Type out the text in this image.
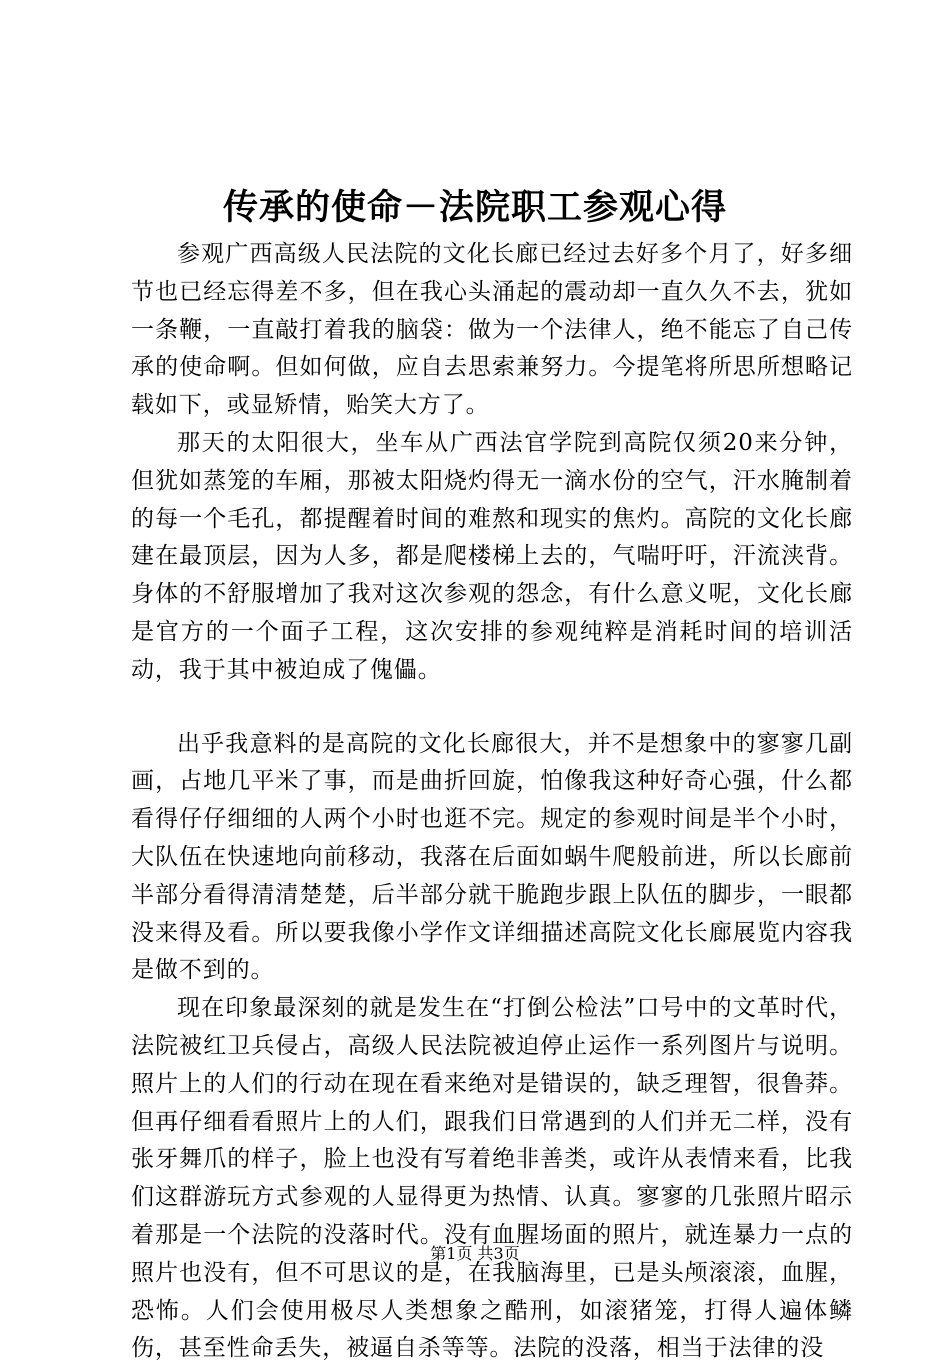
传承的使命－法院职工参观心得

参观广西高级人民法院的文化长廊已经过去好多个月了，好多细节也已经忘得差不多，但在我心头涌起的震动却一直久久不去，犹如一条鞭，一直敲打着我的脑袋：做为一个法律人，绝不能忘了自己传承的使命啊。但如何做，应自去思索兼努力。今提笔将所思所想略记载如下，或显矫情，贻笑大方了。

那天的太阳很大，坐车从广西法官学院到高院仅须20来分钟，但犹如蒸笼的车厢，那被太阳烧灼得无一滴水份的空气，汗水腌制着的每一个毛孔，都提醒着时间的难熬和现实的焦灼。高院的文化长廊建在最顶层，因为人多，都是爬楼梯上去的，气喘吁吁，汗流浃背。身体的不舒服增加了我对这次参观的怨念，有什么意义呢，文化长廊是官方的一个面子工程，这次安排的参观纯粹是消耗时间的培训活动，我于其中被迫成了傀儡。

出乎我意料的是高院的文化长廊很大，并不是想象中的寥寥几副画，占地几平米了事，而是曲折回旋，怕像我这种好奇心强，什么都看得仔仔细细的人两个小时也逛不完。规定的参观时间是半个小时，大队伍在快速地向前移动，我落在后面如蜗牛爬般前进，所以长廊前半部分看得清清楚楚，后半部分就干脆跑步跟上队伍的脚步，一眼都没来得及看。所以要我像小学作文详细描述高院文化长廊展览内容我是做不到的。

现在印象最深刻的就是发生在“打倒公检法”口号中的文革时代，法院被红卫兵侵占，高级人民法院被迫停止运作一系列图片与说明。照片上的人们的行动在现在看来绝对是错误的，缺乏理智，很鲁莽。但再仔细看看照片上的人们，跟我们日常遇到的人们并无二样，没有张牙舞爪的样子，脸上也没有写着绝非善类，或许从表情来看，比我们这群游玩方式参观的人显得更为热情、认真。寥寥的几张照片昭示着那是一个法院的没落时代。没有血腥场面的照片，就连暴力一点的照片也没有，但不可思议的是，在我脑海里，已是头颅滚滚，血腥，恐怖。人们会使用极尽人类想象之酷刑，如滚猪笼，打得人遍体鳞伤，甚至性命丢失，被逼自杀等等。法院的没落，相当于法律的没

第1页 共3页
